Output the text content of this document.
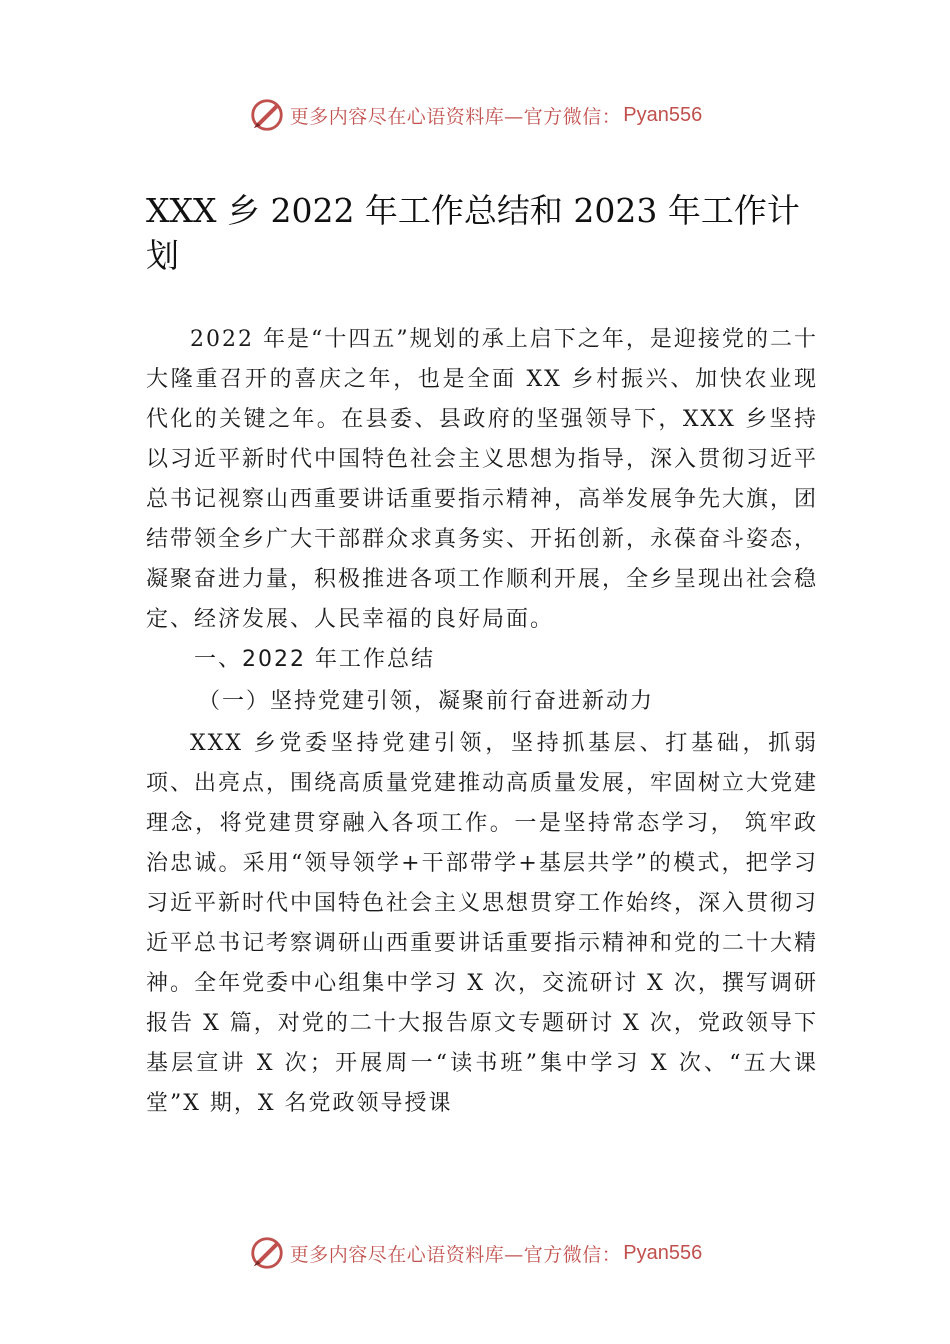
更多内容尽在心语资料库—官方微信： Pyan556
XXX 乡 2022 年工作总结和 2023 年工作计划

2022 年是“十四五”规划的承上启下之年，是迎接党的二十大隆重召开的喜庆之年，也是全面 XX 乡村振兴、加快农业现代化的关键之年。在县委、县政府的坚强领导下，XXX 乡坚持以习近平新时代中国特色社会主义思想为指导，深入贯彻习近平总书记视察山西重要讲话重要指示精神，高举发展争先大旗，团结带领全乡广大干部群众求真务实、开拓创新，永葆奋斗姿态，凝聚奋进力量，积极推进各项工作顺利开展，全乡呈现出社会稳定、经济发展、人民幸福的良好局面。

一、2022 年工作总结
（一）坚持党建引领，凝聚前行奋进新动力

XXX 乡党委坚持党建引领，坚持抓基层、打基础，抓弱项、出亮点，围绕高质量党建推动高质量发展，牢固树立大党建理念，将党建贯穿融入各项工作。一是坚持常态学习， 筑牢政治忠诚。采用“领导领学+干部带学+基层共学”的模式，把学习习近平新时代中国特色社会主义思想贯穿工作始终，深入贯彻习近平总书记考察调研山西重要讲话重要指示精神和党的二十大精神。全年党委中心组集中学习 X 次，交流研讨 X 次，撰写调研报告 X 篇，对党的二十大报告原文专题研讨 X 次，党政领导下基层宣讲 X 次；开展周一“读书班”集中学习 X 次、“五大课堂”X 期，X 名党政领导授课

更多内容尽在心语资料库—官方微信： Pyan556
